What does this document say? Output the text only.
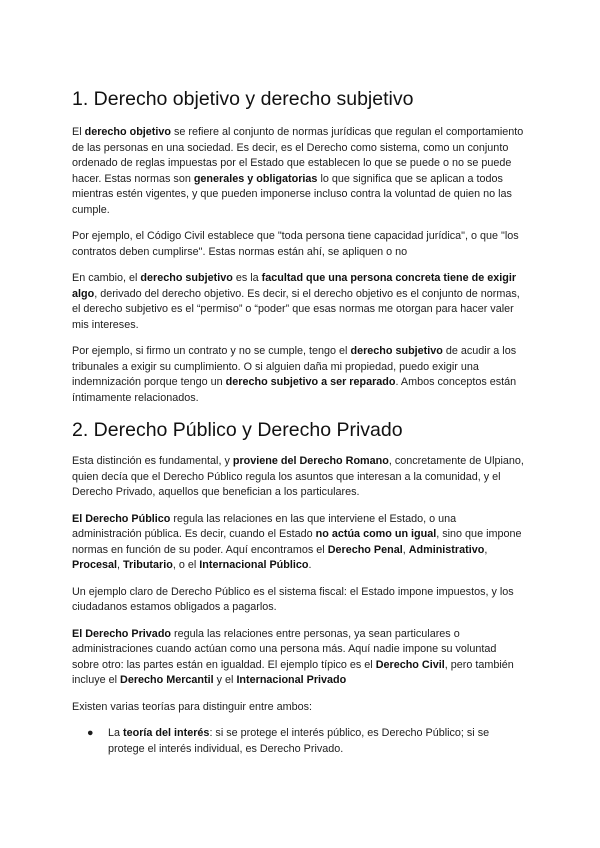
1. Derecho objetivo y derecho subjetivo

El derecho objetivo se refiere al conjunto de normas jurídicas que regulan el comportamiento de las personas en una sociedad. Es decir, es el Derecho como sistema, como un conjunto ordenado de reglas impuestas por el Estado que establecen lo que se puede o no se puede hacer. Estas normas son generales y obligatorias lo que significa que se aplican a todos mientras estén vigentes, y que pueden imponerse incluso contra la voluntad de quien no las cumple.

Por ejemplo, el Código Civil establece que "toda persona tiene capacidad jurídica", o que "los contratos deben cumplirse". Estas normas están ahí, se apliquen o no

En cambio, el derecho subjetivo es la facultad que una persona concreta tiene de exigir algo, derivado del derecho objetivo. Es decir, si el derecho objetivo es el conjunto de normas, el derecho subjetivo es el “permiso” o “poder” que esas normas me otorgan para hacer valer mis intereses.

Por ejemplo, si firmo un contrato y no se cumple, tengo el derecho subjetivo de acudir a los tribunales a exigir su cumplimiento. O si alguien daña mi propiedad, puedo exigir una indemnización porque tengo un derecho subjetivo a ser reparado. Ambos conceptos están íntimamente relacionados.

2. Derecho Público y Derecho Privado

Esta distinción es fundamental, y proviene del Derecho Romano, concretamente de Ulpiano, quien decía que el Derecho Público regula los asuntos que interesan a la comunidad, y el Derecho Privado, aquellos que benefician a los particulares.

El Derecho Público regula las relaciones en las que interviene el Estado, o una administración pública. Es decir, cuando el Estado no actúa como un igual, sino que impone normas en función de su poder. Aquí encontramos el Derecho Penal, Administrativo, Procesal, Tributario, o el Internacional Público.

Un ejemplo claro de Derecho Público es el sistema fiscal: el Estado impone impuestos, y los ciudadanos estamos obligados a pagarlos.

El Derecho Privado regula las relaciones entre personas, ya sean particulares o administraciones cuando actúan como una persona más. Aquí nadie impone su voluntad sobre otro: las partes están en igualdad. El ejemplo típico es el Derecho Civil, pero también incluye el Derecho Mercantil y el Internacional Privado

Existen varias teorías para distinguir entre ambos:

● La teoría del interés: si se protege el interés público, es Derecho Público; si se protege el interés individual, es Derecho Privado.
